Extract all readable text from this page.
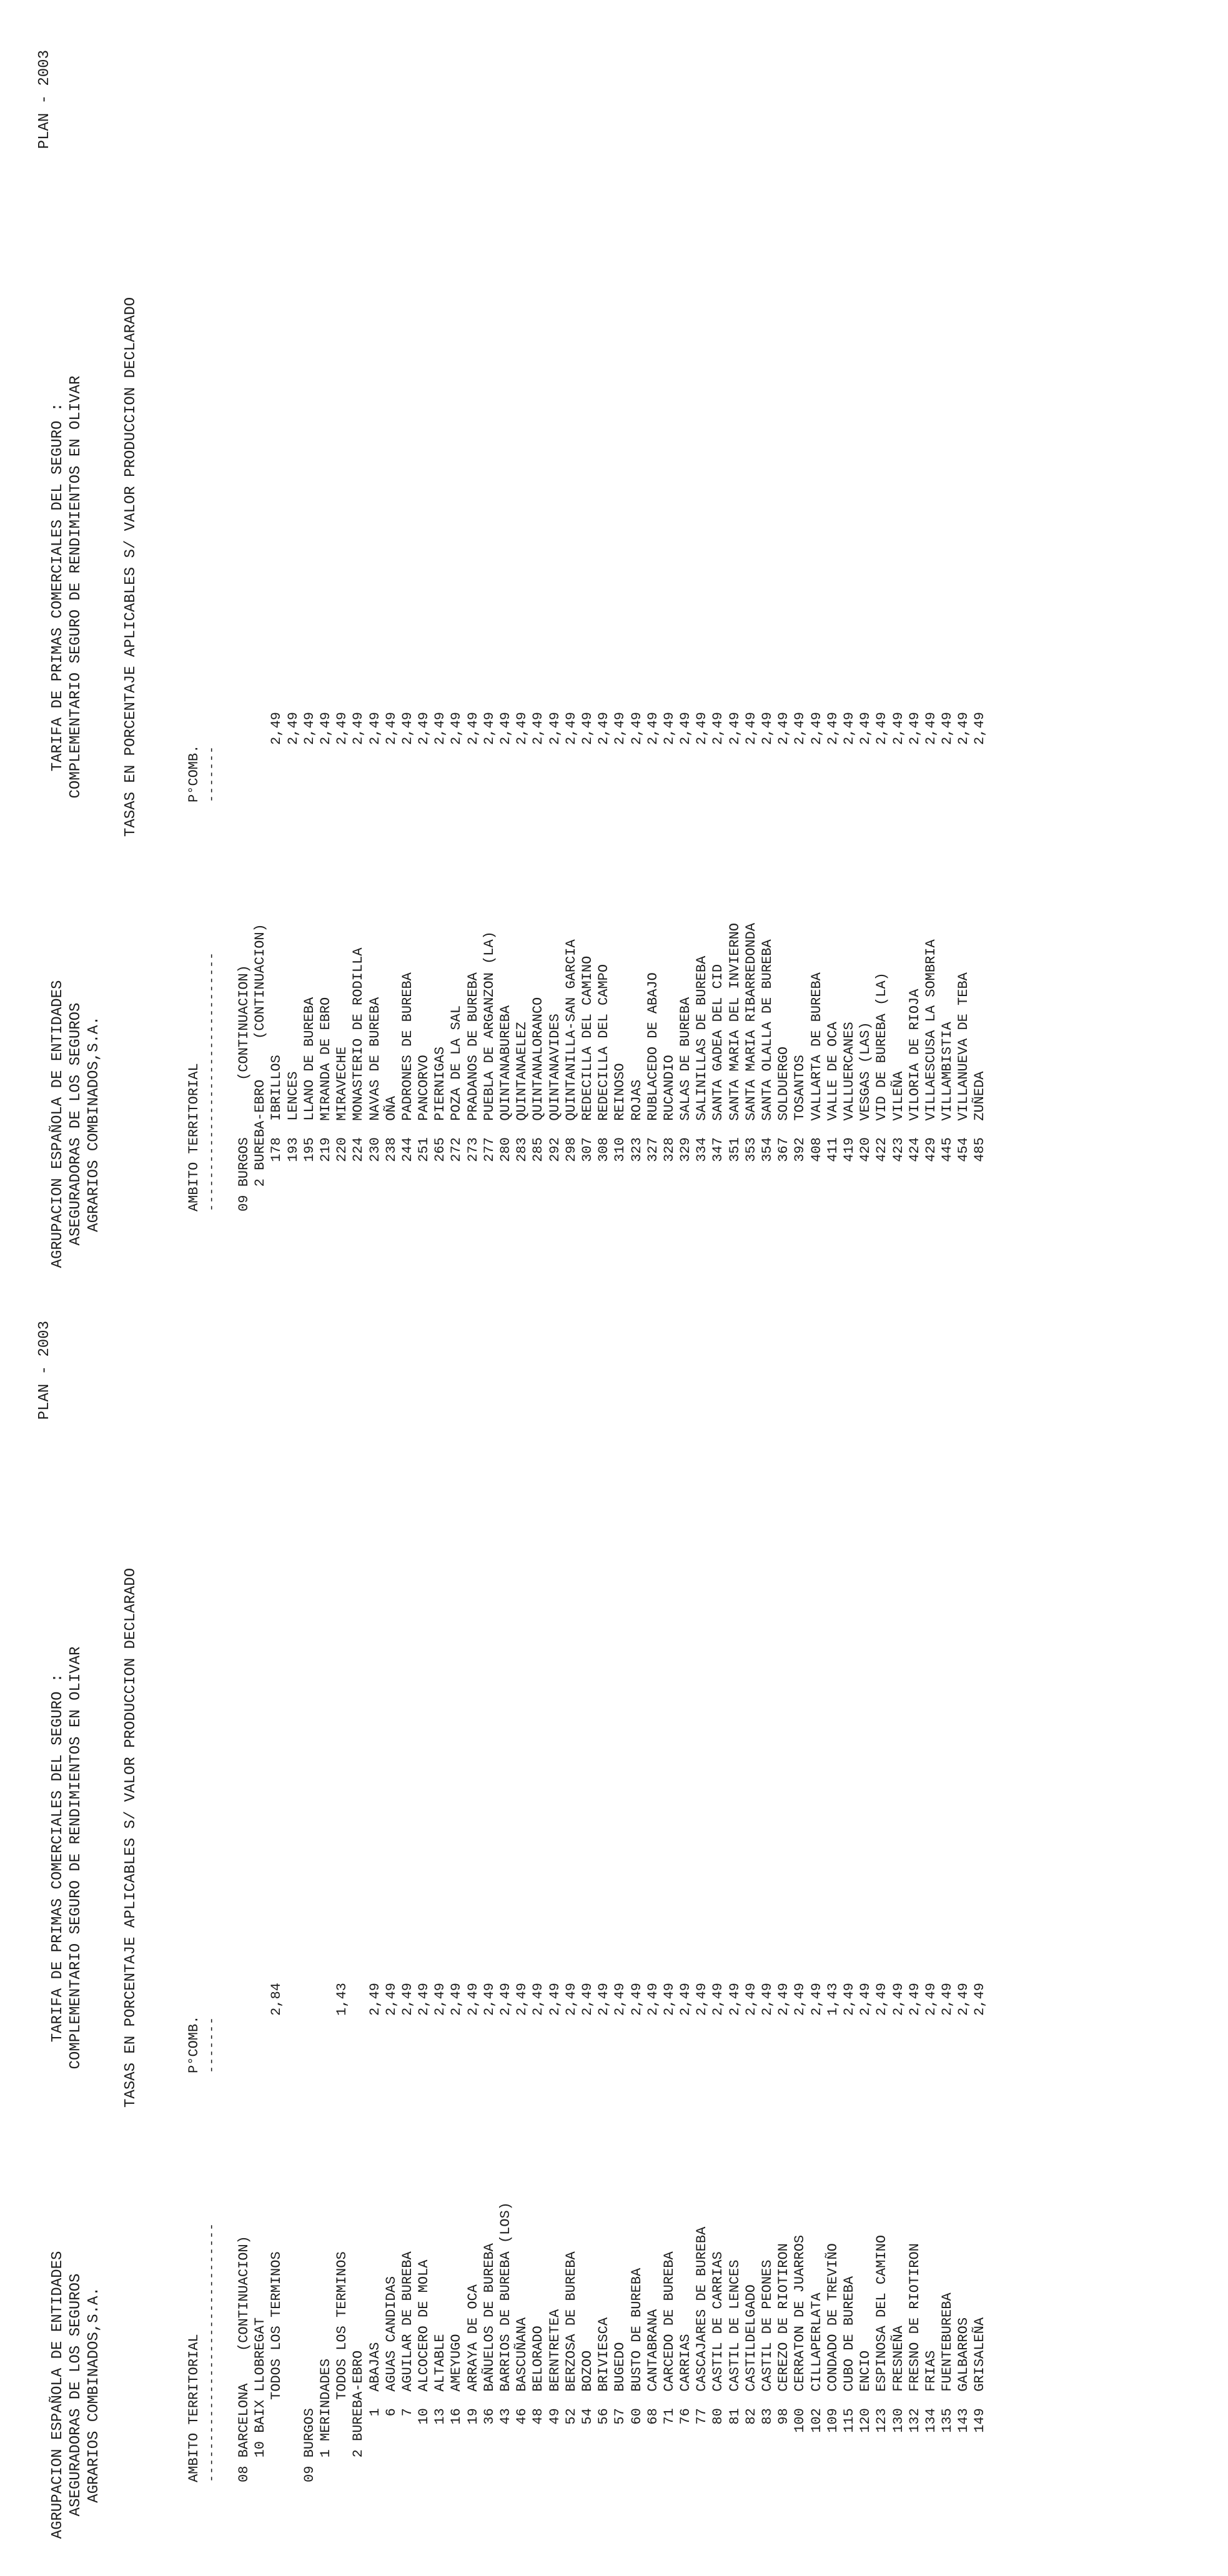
AGRUPACION ESPAÑOLA DE ENTIDADES ASEGURADORAS DE LOS SEGUROS AGRARIOS COMBINADOS,S.A.
TARIFA DE PRIMAS COMERCIALES DEL SEGURO : COMPLEMENTARIO SEGURO DE RENDIMIENTOS EN OLIVAR
PLAN - 2003
TASAS EN PORCENTAJE APLICABLES S/ VALOR PRODUCCION DECLARADO
AMBITO TERRITORIAL
P°COMB.
--------------------------------
-------
08 BARCELONA
(CONTINUACION)
10 BAIX LLOBREGAT TODOS LOS TERMINOS
2,84
09 BURGOS 1 MERINDADES TODOS LOS TERMINOS
1,43
2 BUREBA-EBRO 1  ABAJAS
2,49
6  AGUAS CANDIDAS
2,49
7  AGUILAR DE BUREBA
2,49
10  ALCOCERO DE MOLA
2,49
13  ALTABLE
2,49
16  AMEYUGO
2,49
19  ARRAYA DE OCA
2,49
36  BAÑUELOS DE BUREBA
2,49
43  BARRIOS DE BUREBA (LOS)
2,49
46  BASCUÑANA
2,49
48  BELORADO
2,49
49  BERNTRETEA
2,49
52  BERZOSA DE BUREBA
2,49
54  BOZOO
2,49
56  BRIVIESCA
2,49
57  BUGEDO
2,49
60  BUSTO DE BUREBA
2,49
68  CANTABRANA
2,49
71  CARCEDO DE BUREBA
2,49
76  CARRIAS
2,49
77  CASCAJARES DE BUREBA
2,49
80  CASTIL DE CARRIAS
2,49
81  CASTIL DE LENCES
2,49
82  CASTILDELGADO
2,49
83  CASTIL DE PEONES
2,49
98  CEREZO DE RIOTIRON
2,49
100  CERRATON DE JUARROS
2,49
102  CILLAPERLATA
2,49
109  CONDADO DE TREVIÑO
1,43
115  CUBO DE BUREBA
2,49
120  ENCIO
2,49
123  ESPINOSA DEL CAMINO
2,49
130  FRESNEÑA
2,49
132  FRESNO DE RIOTIRON
2,49
134  FRIAS
2,49
135  FUENTEBUREBA
2,49
143  GALBARROS
2,49
149  GRISALEÑA
2,49
AGRUPACION ESPAÑOLA DE ENTIDADES ASEGURADORAS DE LOS SEGUROS AGRARIOS COMBINADOS,S.A.
TARIFA DE PRIMAS COMERCIALES DEL SEGURO : COMPLEMENTARIO SEGURO DE RENDIMIENTOS EN OLIVAR
PLAN - 2003
TASAS EN PORCENTAJE APLICABLES S/ VALOR PRODUCCION DECLARADO
AMBITO TERRITORIAL
P°COMB.
--------------------------------
-------
09 BURGOS
(CONTINUACION)
2 BUREBA-EBRO
(CONTINUACION)
178  IBRILLOS
2,49
193  LENCES
2,49
195  LLANO DE BUREBA
2,49
219  MIRANDA DE EBRO
2,49
220  MIRAVECHE
2,49
224  MONASTERIO DE RODILLA
2,49
230  NAVAS DE BUREBA
2,49
238  OÑA
2,49
244  PADRONES DE BUREBA
2,49
251  PANCORVO
2,49
265  PIERNIGAS
2,49
272  POZA DE LA SAL
2,49
273  PRADANOS DE BUREBA
2,49
277  PUEBLA DE ARGANZON (LA)
2,49
280  QUINTANABUREBA
2,49
283  QUINTANAELEZ
2,49
285  QUINTANALORANCO
2,49
292  QUINTANAVIDES
2,49
298  QUINTANILLA-SAN GARCIA
2,49
307  REDECILLA DEL CAMINO
2,49
308  REDECILLA DEL CAMPO
2,49
310  REINOSO
2,49
323  ROJAS
2,49
327  RUBLACEDO DE ABAJO
2,49
328  RUCANDIO
2,49
329  SALAS DE BUREBA
2,49
334  SALINILLAS DE BUREBA
2,49
347  SANTA GADEA DEL CID
2,49
351  SANTA MARIA DEL INVIERNO
2,49
353  SANTA MARIA RIBARREDONDA
2,49
354  SANTA OLALLA DE BUREBA
2,49
367  SOLDUERGO
2,49
392  TOSANTOS
2,49
408  VALLARTA DE BUREBA
2,49
411  VALLE DE OCA
2,49
419  VALLUERCANES
2,49
420  VESGAS (LAS)
2,49
422  VID DE BUREBA (LA)
2,49
423  VILEÑA
2,49
424  VILORIA DE RIOJA
2,49
429  VILLAESCUSA LA SOMBRIA
2,49
445  VILLAMBISTIA
2,49
454  VILLANUEVA DE TEBA
2,49
485  ZUÑEDA
2,49
